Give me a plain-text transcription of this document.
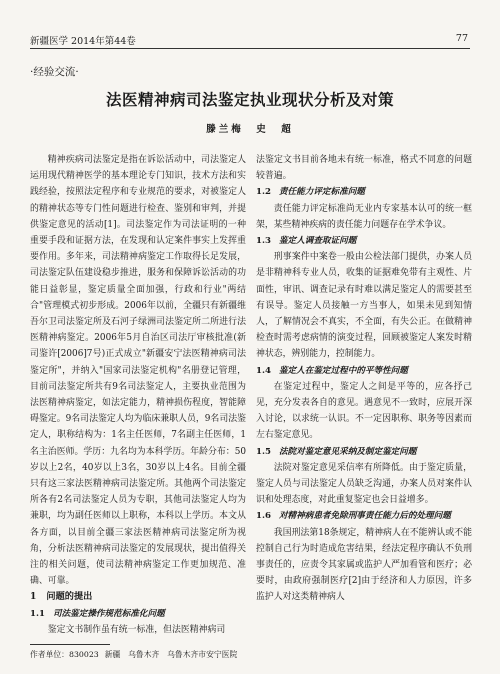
新疆医学 2014年第44卷	77
·经验交流·
法医精神病司法鉴定执业现状分析及对策
滕兰梅　史　超

精神疾病司法鉴定是指在诉讼活动中，司法鉴定人运用现代精神医学的基本理论专门知识，技术方法和实践经验，按照法定程序和专业规范的要求，对被鉴定人的精神状态等专门性问题进行检查、鉴别和审判，并提供鉴定意见的活动[1]。司法鉴定作为司法证明的一种重要手段和证据方法，在发现和认定案件事实上发挥重要作用。多年来，司法精神病鉴定工作取得长足发展，司法鉴定队伍建设稳步推进，服务和保障诉讼活动的功能日益彰显，鉴定质量全面加强，行政和行业"两结合"管理模式初步形成。2006年以前，全疆只有新疆维吾尔卫司法鉴定所及石河子绿洲司法鉴定所二所进行法医精神病鉴定。2006年5月自治区司法厅审核批准(新司鉴许[2006]7号)正式成立"新疆安宁法医精神病司法鉴定所"，并纳入"国家司法鉴定机构"名册登记管理，目前司法鉴定所共有9名司法鉴定人，主要执业范围为法医精神病鉴定，如法定能力，精神损伤程度，智能障碍鉴定。9名司法鉴定人均为临床兼职人员，9名司法鉴定人，职称结构为：1名主任医师，7名副主任医师，1名主治医师。学历：九名均为本科学历。年龄分布：50岁以上2名，40岁以上3名，30岁以上4名。目前全疆只有这三家法医精神病司法鉴定所。其他两个司法鉴定所各有2名司法鉴定人员为专职，其他司法鉴定人均为兼职，均为副任医师以上职称，本科以上学历。本文从各方面，以目前全疆三家法医精神病司法鉴定所为视角，分析法医精神病司法鉴定的发展现状，提出值得关注的相关问题，使司法精神病鉴定工作更加规范、准确、可靠。

1 问题的提出
1.1 司法鉴定操作规范标准化问题

鉴定文书制作虽有统一标准，但法医精神病司

法鉴定文书目前各地未有统一标准，格式不同意的问题较普遍。

1.2 责任能力评定标准问题

责任能力评定标准尚无业内专家基本认可的统一框架，某些精神疾病的责任能力问题存在学术争议。

1.3 鉴定人调查取证问题

刑事案件中案卷一般由公检法部门提供，办案人员是非精神科专业人员，收集的证据难免带有主观性、片面性，审讯、调查记录有时难以满足鉴定人的需要甚至有误导。鉴定人员接触一方当事人，如果未见到知情人，了解情况会不真实，不全面，有失公正。在做精神检查时需考虑病情的演变过程，回顾被鉴定人案发时精神状态，辨别能力，控制能力。

1.4 鉴定人在鉴定过程中的平等性问题

在鉴定过程中，鉴定人之间是平等的，应各抒己见，充分发表各自的意见。遇意见不一致时，应展开深入讨论，以求统一认识。不一定因职称、职务等因素而左右鉴定意见。

1.5 法院对鉴定意见采纳及制定鉴定问题

法院对鉴定意见采信率有所降低。由于鉴定质量，鉴定人员与司法鉴定人员缺乏沟通，办案人员对案件认识和处理态度，对此重复鉴定也会日益增多。

1.6 对精神病患者免除刑事责任能力后的处理问题

我国刑法第18条规定，精神病人在不能辨认或不能控制自己行为时造成危害结果，经法定程序确认不负刑事责任的，应责令其家属或监护人严加看管和医疗；必要时，由政府强制医疗[2]由于经济和人力原因，许多监护人对这类精神病人

作者单位：830023 新疆　乌鲁木齐　乌鲁木齐市安宁医院
